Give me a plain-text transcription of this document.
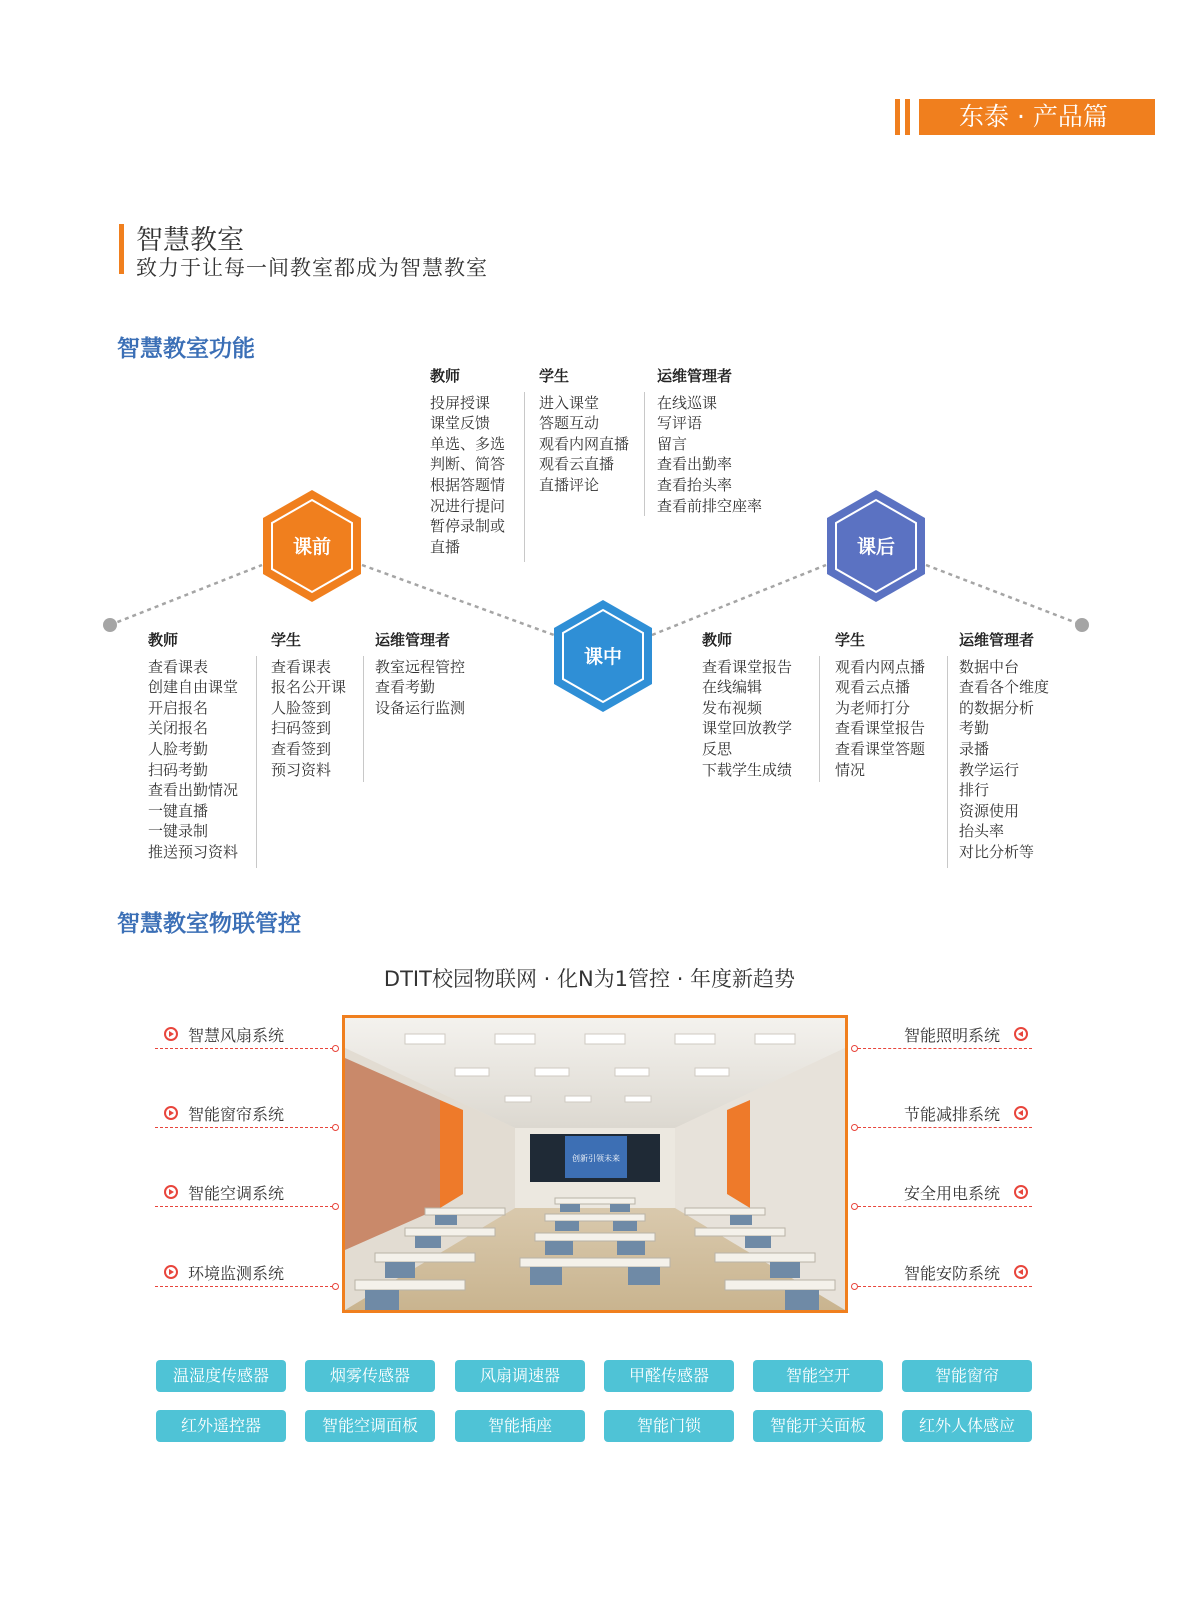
东泰 · 产品篇
智慧教室
致力于让每一间教室都成为智慧教室
智慧教室功能
课前
课中
课后
教师
投屏授课
课堂反馈
单选、多选
判断、简答
根据答题情
况进行提问
暂停录制或
直播
学生
进入课堂
答题互动
观看内网直播
观看云直播
直播评论
运维管理者
在线巡课
写评语
留言
查看出勤率
查看抬头率
查看前排空座率
教师
查看课表
创建自由课堂
开启报名
关闭报名
人脸考勤
扫码考勤
查看出勤情况
一键直播
一键录制
推送预习资料
学生
查看课表
报名公开课
人脸签到
扫码签到
查看签到
预习资料
运维管理者
教室远程管控
查看考勤
设备运行监测
教师
查看课堂报告
在线编辑
发布视频
课堂回放教学
反思
下载学生成绩
学生
观看内网点播
观看云点播
为老师打分
查看课堂报告
查看课堂答题
情况
运维管理者
数据中台
查看各个维度
的数据分析
考勤
录播
教学运行
排行
资源使用
抬头率
对比分析等
智慧教室物联管控
DTIT校园物联网 · 化N为1管控 · 年度新趋势
创新引领未来
智慧风扇系统
智能窗帘系统
智能空调系统
环境监测系统
智能照明系统
节能减排系统
安全用电系统
智能安防系统
温湿度传感器	烟雾传感器	风扇调速器	甲醛传感器	智能空开	智能窗帘
红外遥控器	智能空调面板	智能插座	智能门锁	智能开关面板	红外人体感应
